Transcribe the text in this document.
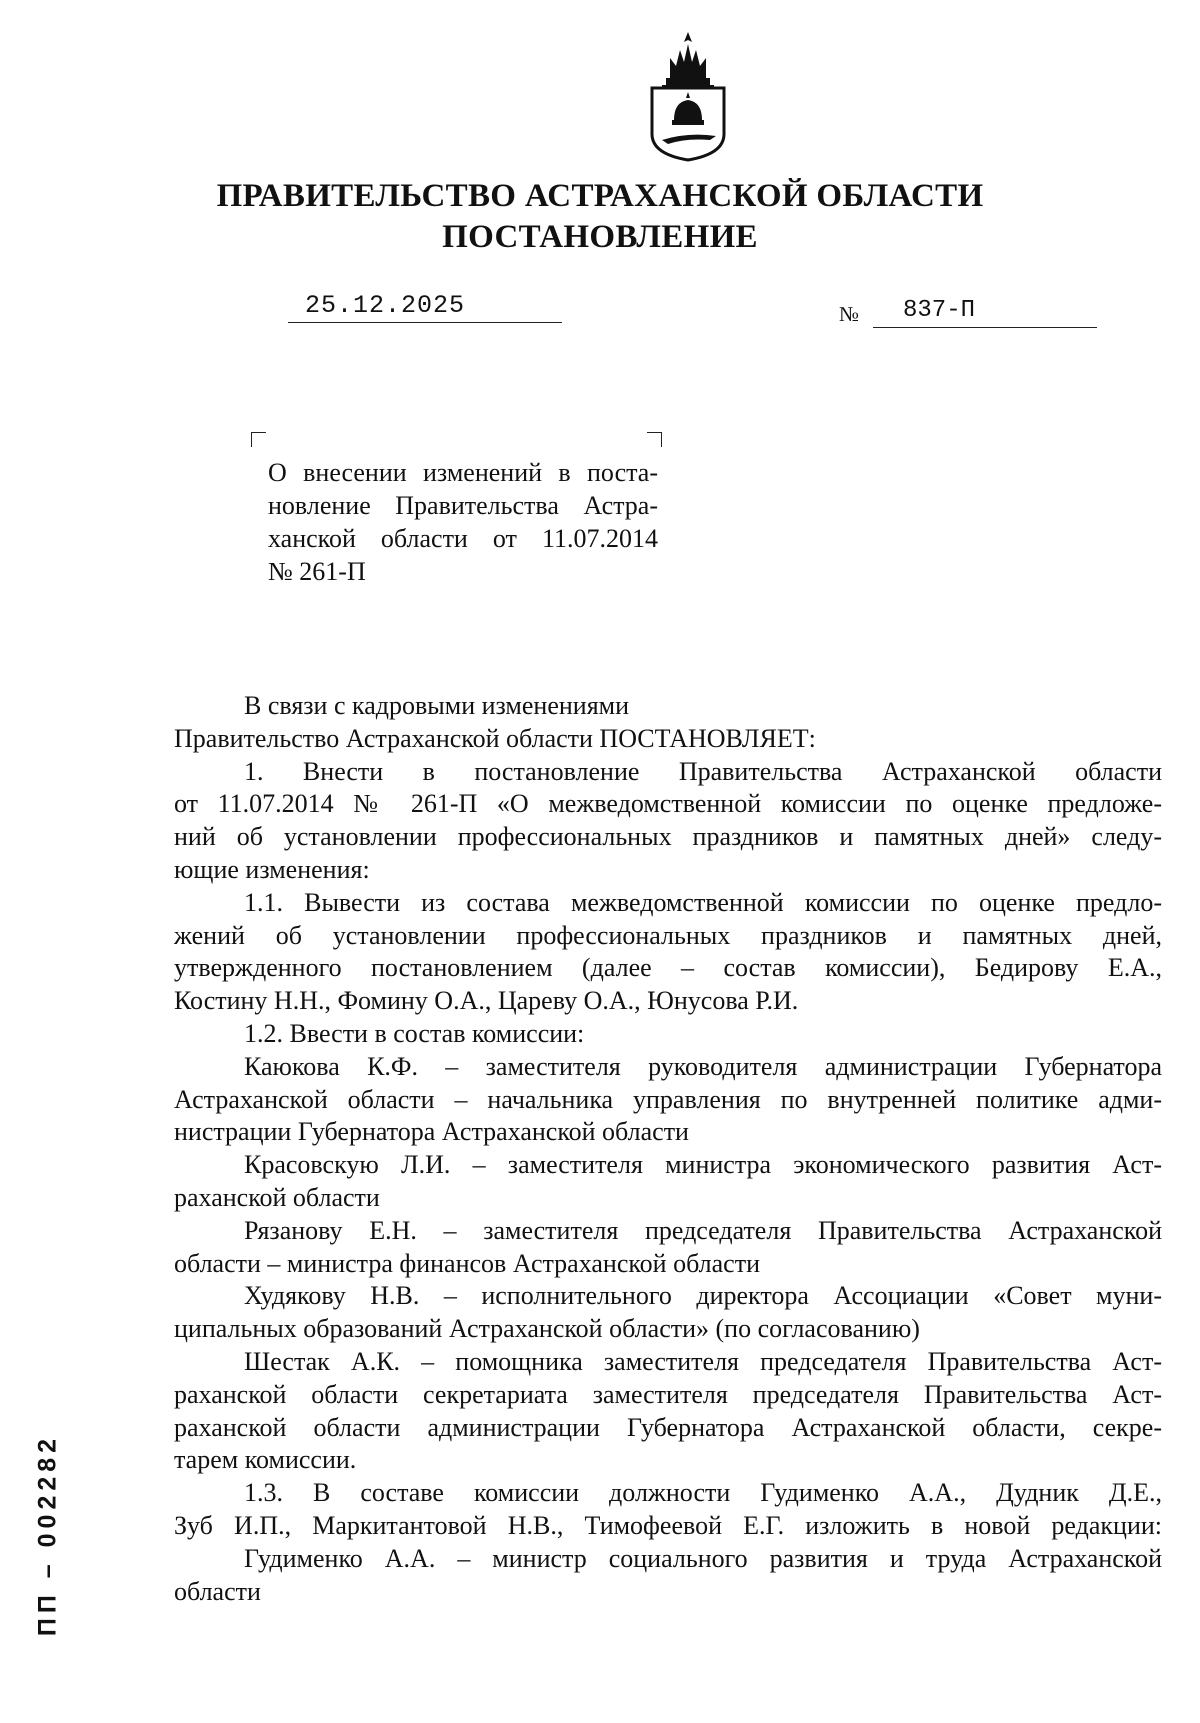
ПРАВИТЕЛЬСТВО АСТРАХАНСКОЙ ОБЛАСТИ
ПОСТАНОВЛЕНИЕ
25.12.2025	№	837-П
О внесении изменений в поста-
новление Правительства Астра-
ханской области от 11.07.2014
№ 261-П
В связи с кадровыми изменениями
Правительство Астраханской области ПОСТАНОВЛЯЕТ:
1. Внести в постановление Правительства Астраханской области
от 11.07.2014 № 261-П «О межведомственной комиссии по оценке предложе-
ний об установлении профессиональных праздников и памятных дней» следу-
ющие изменения:
1.1. Вывести из состава межведомственной комиссии по оценке предло-
жений об установлении профессиональных праздников и памятных дней,
утвержденного постановлением (далее – состав комиссии), Бедирову Е.А.,
Костину Н.Н., Фомину О.А., Цареву О.А., Юнусова Р.И.
1.2. Ввести в состав комиссии:
Каюкова К.Ф. – заместителя руководителя администрации Губернатора
Астраханской области – начальника управления по внутренней политике адми-
нистрации Губернатора Астраханской области
Красовскую Л.И. – заместителя министра экономического развития Аст-
раханской области
Рязанову Е.Н. – заместителя председателя Правительства Астраханской
области – министра финансов Астраханской области
Худякову Н.В. – исполнительного директора Ассоциации «Совет муни-
ципальных образований Астраханской области» (по согласованию)
Шестак А.К. – помощника заместителя председателя Правительства Аст-
раханской области секретариата заместителя председателя Правительства Аст-
раханской области администрации Губернатора Астраханской области, секре-
тарем комиссии.
1.3. В составе комиссии должности Гудименко А.А., Дудник Д.Е.,
Зуб И.П., Маркитантовой Н.В., Тимофеевой Е.Г. изложить в новой редакции:
Гудименко А.А. – министр социального развития и труда Астраханской
области
ПП – 002282
